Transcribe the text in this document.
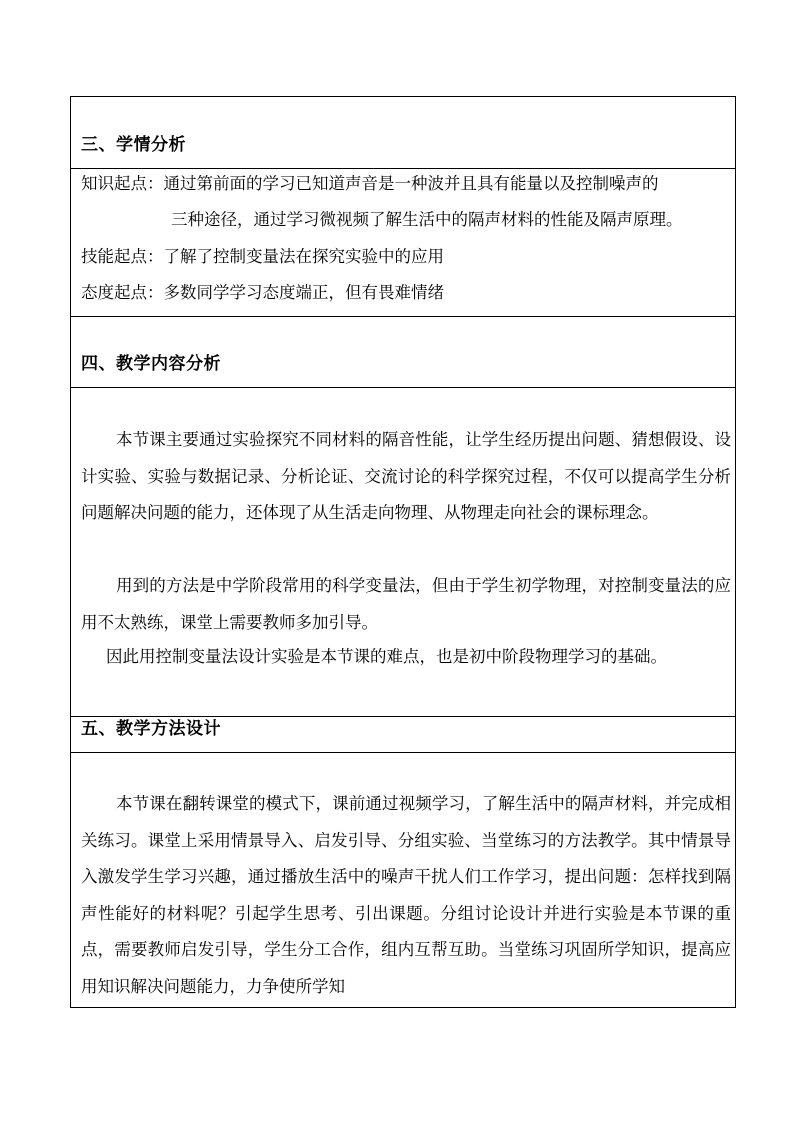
三、学情分析

知识起点：通过第前面的学习已知道声音是一种波并且具有能量以及控制噪声的

三种途径，通过学习微视频了解生活中的隔声材料的性能及隔声原理。

技能起点：了解了控制变量法在探究实验中的应用

态度起点：多数同学学习态度端正，但有畏难情绪

四、教学内容分析

本节课主要通过实验探究不同材料的隔音性能，让学生经历提出问题、猜想假设、设计实验、实验与数据记录、分析论证、交流讨论的科学探究过程，不仅可以提高学生分析问题解决问题的能力，还体现了从生活走向物理、从物理走向社会的课标理念。

用到的方法是中学阶段常用的科学变量法，但由于学生初学物理，对控制变量法的应用不太熟练，课堂上需要教师多加引导。

因此用控制变量法设计实验是本节课的难点，也是初中阶段物理学习的基础。

五、教学方法设计

本节课在翻转课堂的模式下，课前通过视频学习，了解生活中的隔声材料，并完成相关练习。课堂上采用情景导入、启发引导、分组实验、当堂练习的方法教学。其中情景导入激发学生学习兴趣，通过播放生活中的噪声干扰人们工作学习，提出问题：怎样找到隔声性能好的材料呢？引起学生思考、引出课题。分组讨论设计并进行实验是本节课的重点，需要教师启发引导，学生分工合作，组内互帮互助。当堂练习巩固所学知识，提高应用知识解决问题能力，力争使所学知
